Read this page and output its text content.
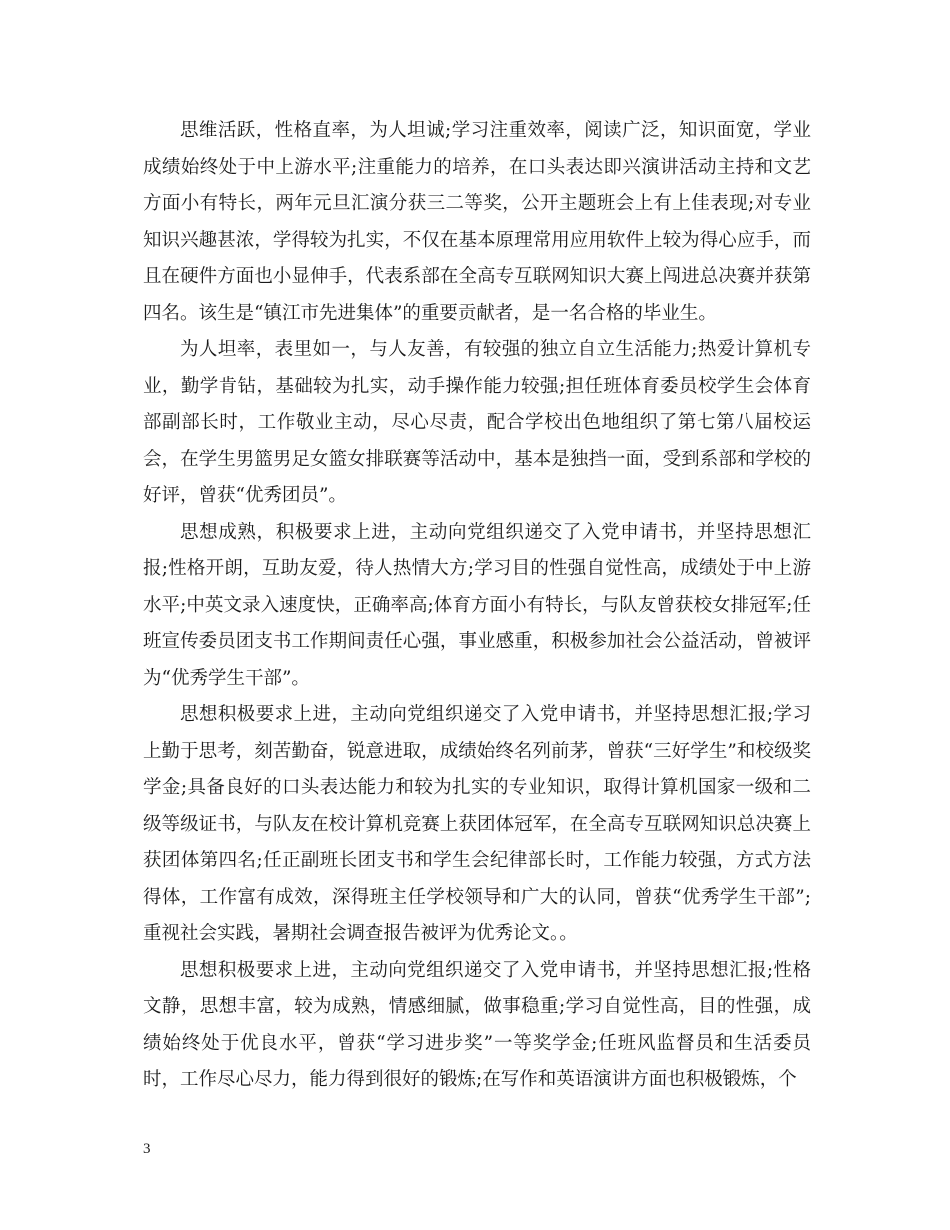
思维活跃，性格直率，为人坦诚;学习注重效率，阅读广泛，知识面宽，学业成绩始终处于中上游水平;注重能力的培养，在口头表达即兴演讲活动主持和文艺方面小有特长，两年元旦汇演分获三二等奖，公开主题班会上有上佳表现;对专业知识兴趣甚浓，学得较为扎实，不仅在基本原理常用应用软件上较为得心应手，而且在硬件方面也小显伸手，代表系部在全高专互联网知识大赛上闯进总决赛并获第四名。该生是“镇江市先进集体”的重要贡献者，是一名合格的毕业生。

为人坦率，表里如一，与人友善，有较强的独立自立生活能力;热爱计算机专业，勤学肯钻，基础较为扎实，动手操作能力较强;担任班体育委员校学生会体育部副部长时，工作敬业主动，尽心尽责，配合学校出色地组织了第七第八届校运会，在学生男篮男足女篮女排联赛等活动中，基本是独挡一面，受到系部和学校的好评，曾获“优秀团员”。

思想成熟，积极要求上进，主动向党组织递交了入党申请书，并坚持思想汇报;性格开朗，互助友爱，待人热情大方;学习目的性强自觉性高，成绩处于中上游水平;中英文录入速度快，正确率高;体育方面小有特长，与队友曾获校女排冠军;任班宣传委员团支书工作期间责任心强，事业感重，积极参加社会公益活动，曾被评为“优秀学生干部”。

思想积极要求上进，主动向党组织递交了入党申请书，并坚持思想汇报;学习上勤于思考，刻苦勤奋，锐意进取，成绩始终名列前茅，曾获“三好学生”和校级奖学金;具备良好的口头表达能力和较为扎实的专业知识，取得计算机国家一级和二级等级证书，与队友在校计算机竞赛上获团体冠军，在全高专互联网知识总决赛上获团体第四名;任正副班长团支书和学生会纪律部长时，工作能力较强，方式方法得体，工作富有成效，深得班主任学校领导和广大的认同，曾获“优秀学生干部”;重视社会实践，暑期社会调查报告被评为优秀论文。。

思想积极要求上进，主动向党组织递交了入党申请书，并坚持思想汇报;性格文静，思想丰富，较为成熟，情感细腻，做事稳重;学习自觉性高，目的性强，成绩始终处于优良水平，曾获“学习进步奖”一等奖学金;任班风监督员和生活委员时，工作尽心尽力，能力得到很好的锻炼;在写作和英语演讲方面也积极锻炼，个

3
